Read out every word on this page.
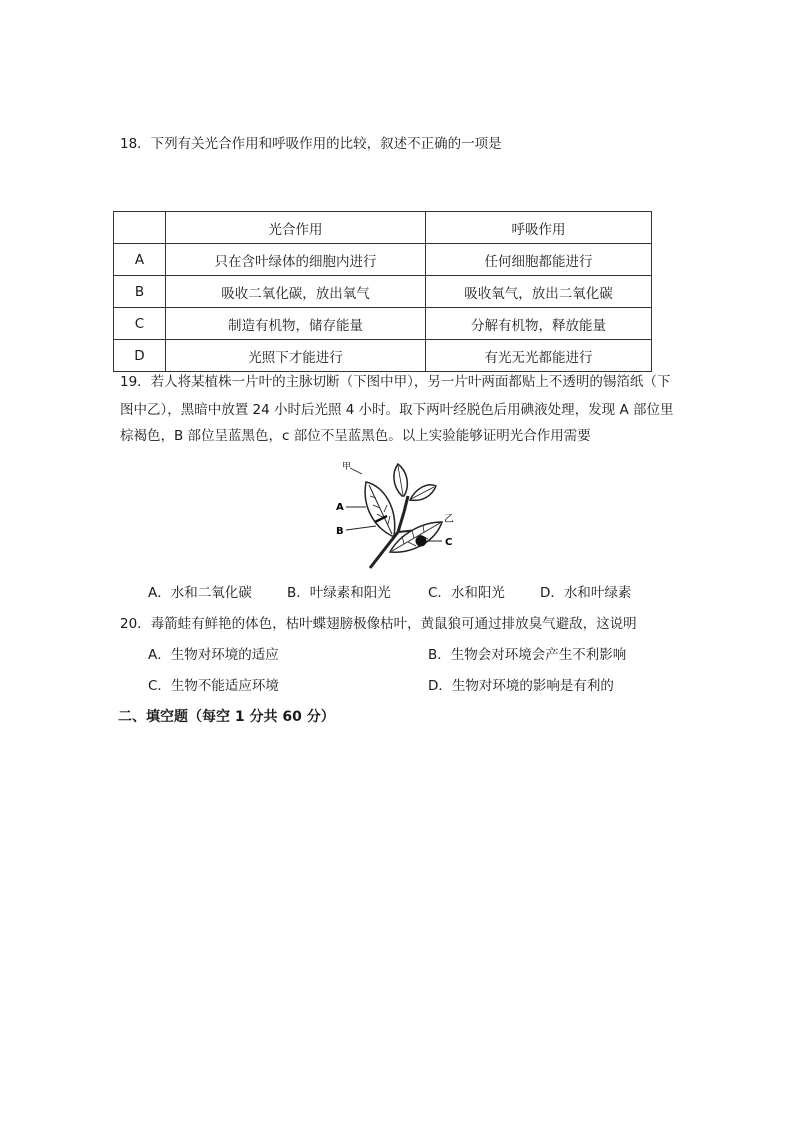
18．下列有关光合作用和呼吸作用的比较，叙述不正确的一项是
	光合作用	呼吸作用
A	只在含叶绿体的细胞内进行	任何细胞都能进行
B	吸收二氧化碳，放出氧气	吸收氧气，放出二氧化碳
C	制造有机物，储存能量	分解有机物，释放能量
D	光照下才能进行	有光无光都能进行
19．若人将某植株一片叶的主脉切断（下图中甲），另一片叶两面都贴上不透明的锡箔纸（下
图中乙），黑暗中放置 24 小时后光照 4 小时。取下两叶经脱色后用碘液处理，发现 A 部位里
棕褐色，B 部位呈蓝黑色，c 部位不呈蓝黑色。以上实验能够证明光合作用需要
甲
A
B
乙
C
A．水和二氧化碳	B．叶绿素和阳光	C．水和阳光	D．水和叶绿素
20．毒箭蛙有鲜艳的体色，枯叶蝶翅膀极像枯叶，黄鼠狼可通过排放臭气避敌，这说明
A．生物对环境的适应	B．生物会对环境会产生不利影响
C．生物不能适应环境	D．生物对环境的影响是有利的
二、填空题（每空 1 分共 60 分）
